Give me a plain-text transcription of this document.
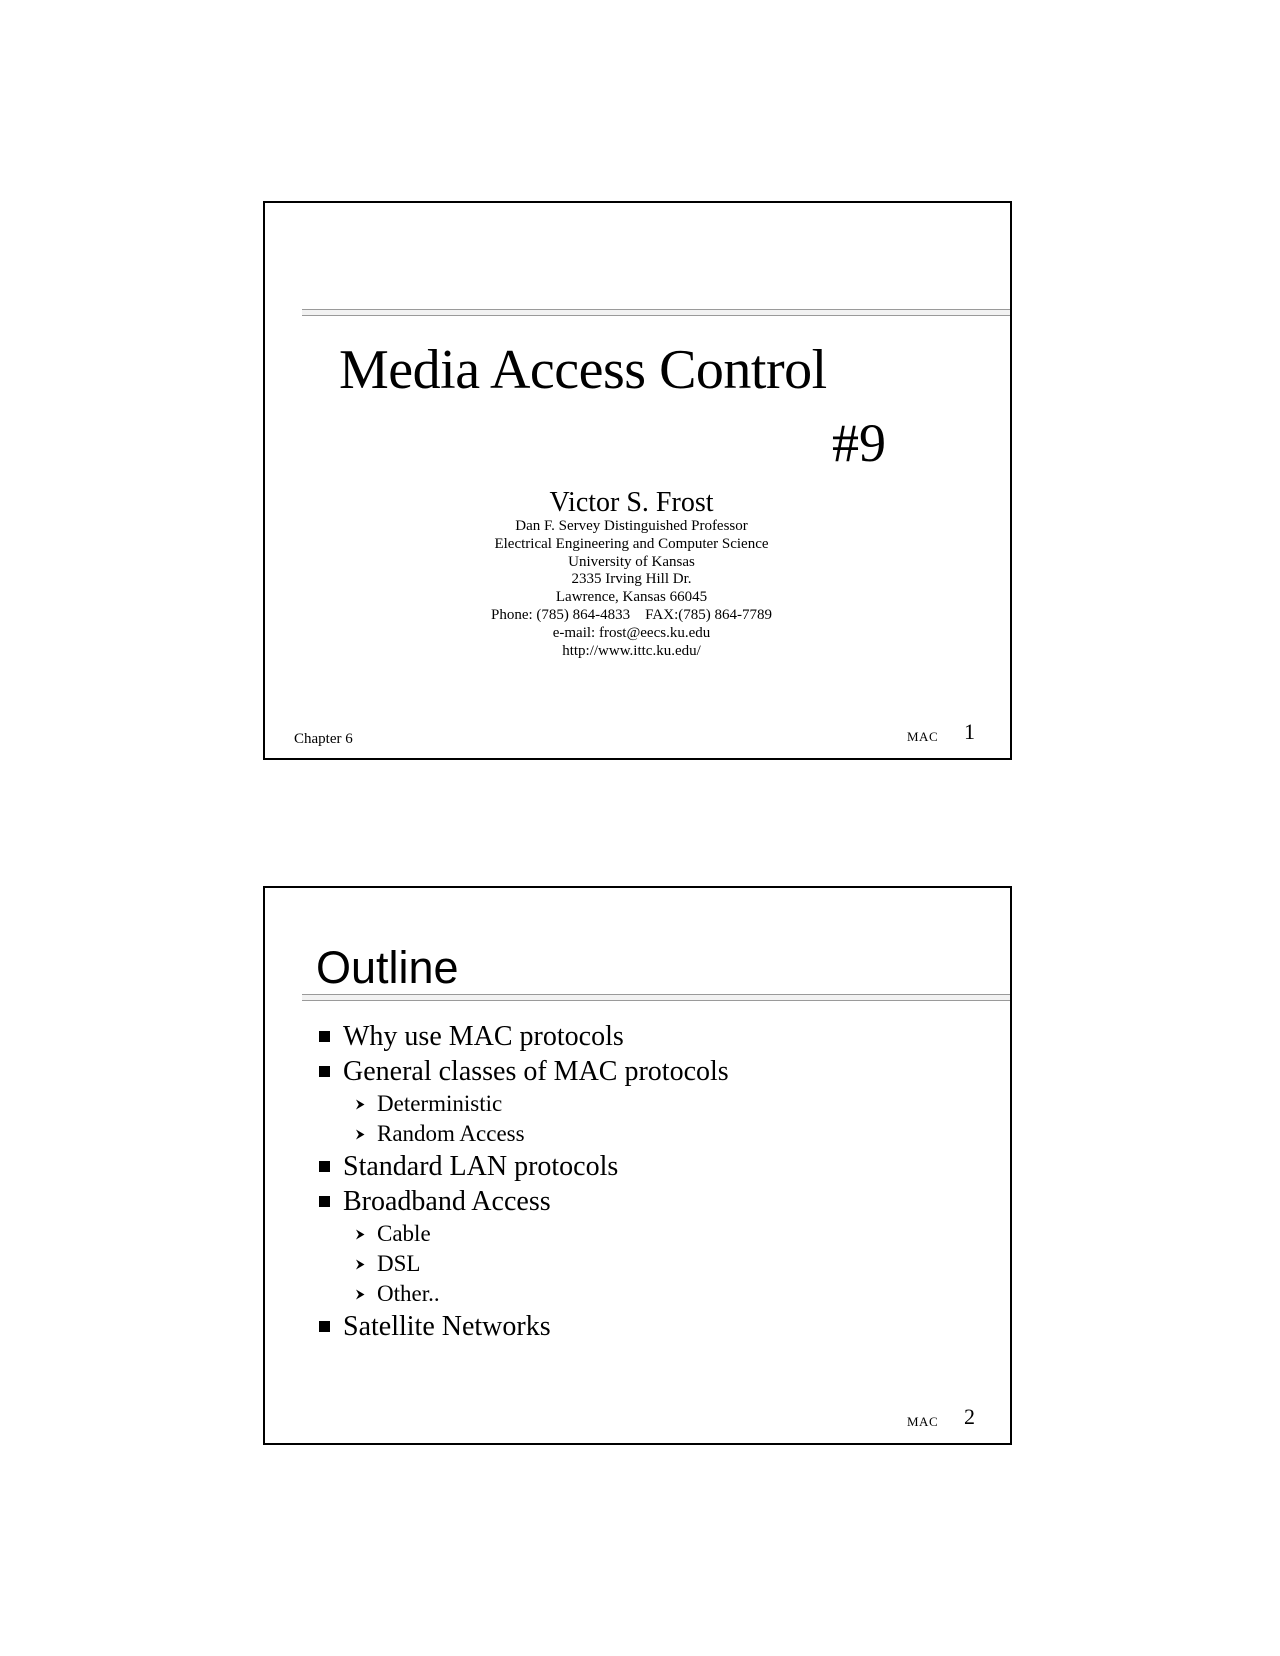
Media Access Control
#9
Victor S. Frost
Dan F. Servey Distinguished Professor
Electrical Engineering and Computer Science
University of Kansas
2335 Irving Hill Dr.
Lawrence, Kansas 66045
Phone: (785) 864-4833    FAX:(785) 864-7789
e-mail: frost@eecs.ku.edu
http://www.ittc.ku.edu/
Chapter 6	MAC 1
Outline
Why use MAC protocols
General classes of MAC protocols
Deterministic
Random Access
Standard LAN protocols
Broadband Access
Cable
DSL
Other..
Satellite Networks
MAC 2
